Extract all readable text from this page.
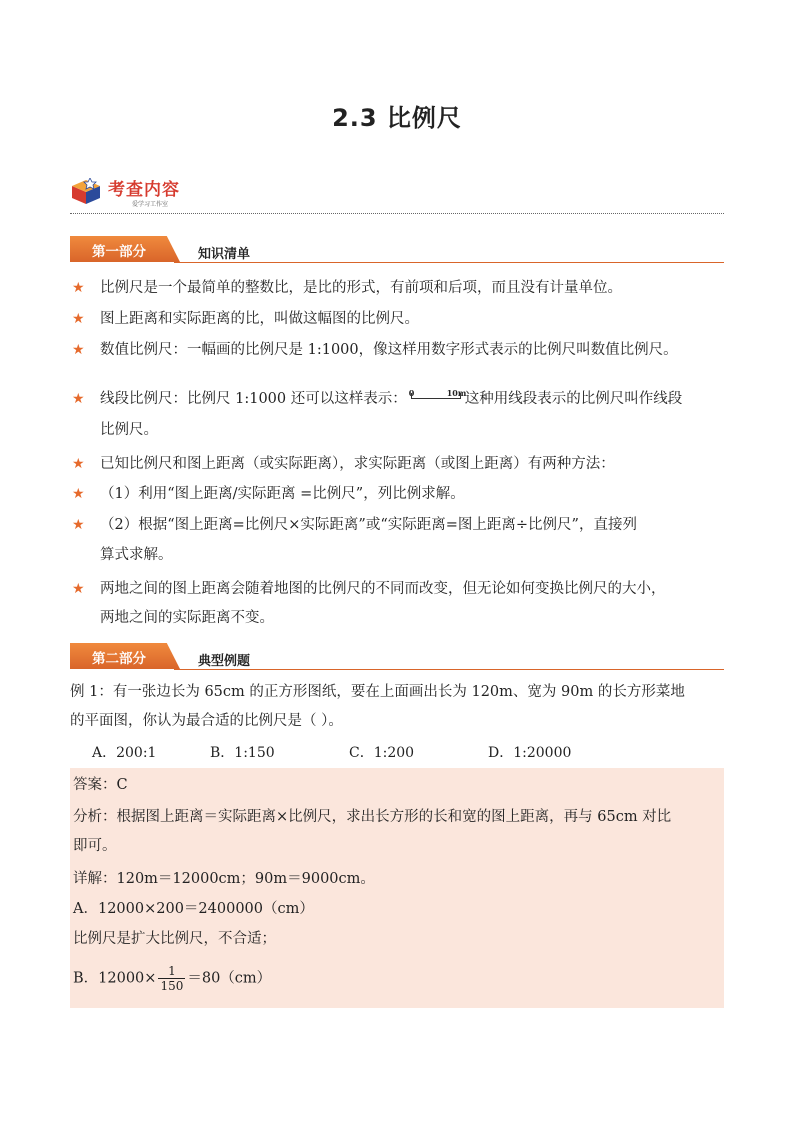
2.3 比例尺
考查内容
爱学习工作室
第一部分	知识清单
★ 比例尺是一个最简单的整数比，是比的形式，有前项和后项，而且没有计量单位。
★ 图上距离和实际距离的比，叫做这幅图的比例尺。
★ 数值比例尺：一幅画的比例尺是 1:1000，像这样用数字形式表示的比例尺叫数值比例尺。
★ 线段比例尺：比例尺 1:1000 还可以这样表示： 0	10m
这种用线段表示的比例尺叫作线段
比例尺。
★ 已知比例尺和图上距离（或实际距离），求实际距离（或图上距离）有两种方法：
★ （1）利用“图上距离/实际距离 =比例尺”，列比例求解。
★ （2）根据“图上距离=比例尺×实际距离”或“实际距离=图上距离÷比例尺”，直接列
算式求解。
★ 两地之间的图上距离会随着地图的比例尺的不同而改变，但无论如何变换比例尺的大小，
两地之间的实际距离不变。
第二部分	典型例题
例 1：有一张边长为 65cm 的正方形图纸，要在上面画出长为 120m、宽为 90m 的长方形菜地
的平面图，你认为最合适的比例尺是（ ）。
A．200:1	B．1:150	C．1:200	D．1:20000
答案：C
分析：根据图上距离＝实际距离×比例尺，求出长方形的长和宽的图上距离，再与 65cm 对比
即可。
详解：120m＝12000cm；90m＝9000cm。
A．12000×200＝2400000（cm）
比例尺是扩大比例尺，不合适；
B．$12000\times \frac{1}{150} =80(cm)$
